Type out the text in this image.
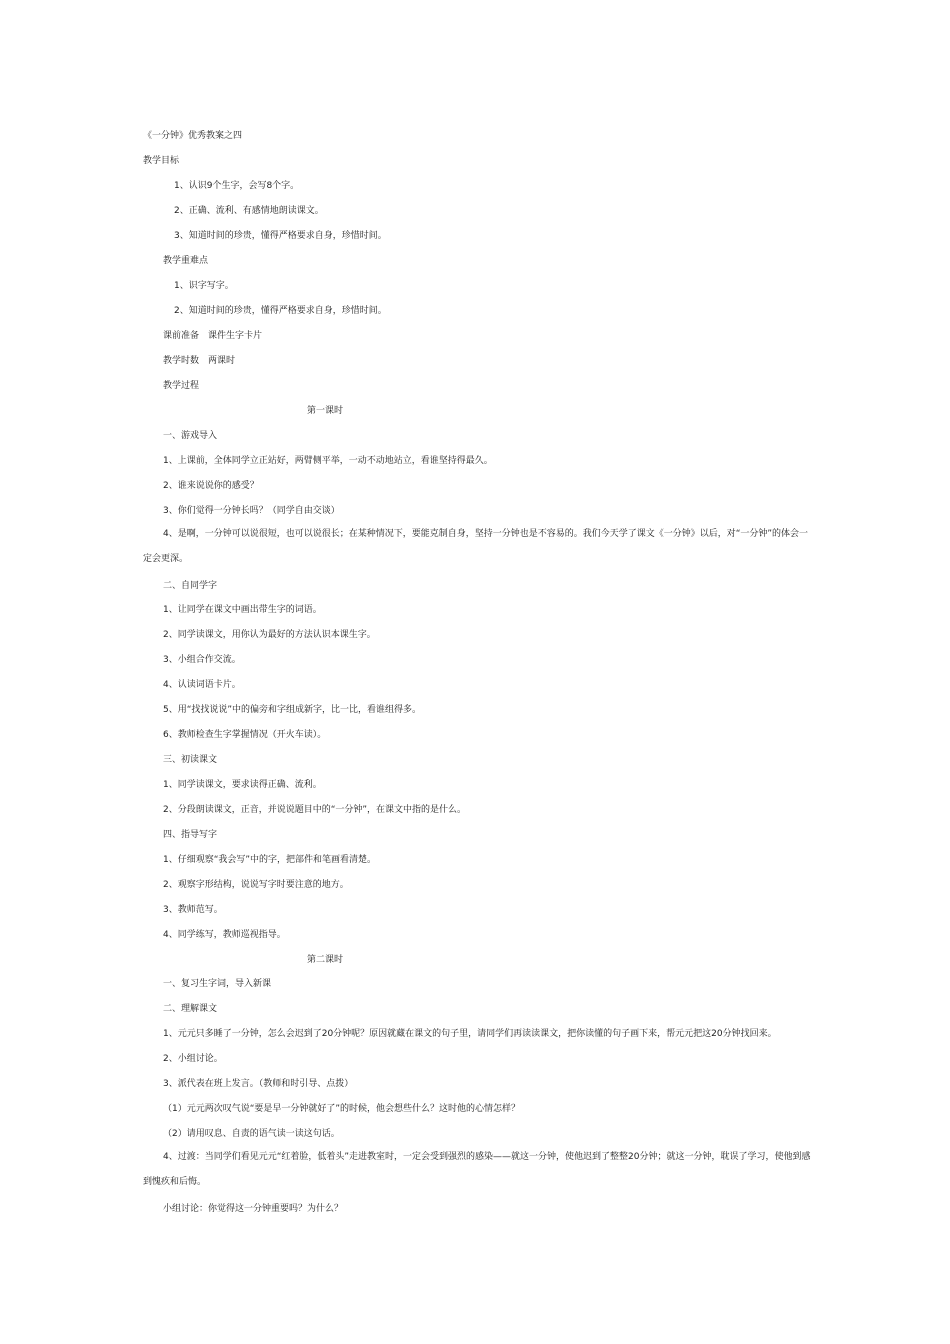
《一分钟》优秀教案之四
教学目标
1、认识9个生字，会写8个字。
2、正确、流利、有感情地朗读课文。
3、知道时间的珍贵，懂得严格要求自身，珍惜时间。
教学重难点
1、识字写字。
2、知道时间的珍贵，懂得严格要求自身，珍惜时间。
课前准备　课件生字卡片
教学时数　两课时
教学过程
第一课时
一、游戏导入
1、上课前，全体同学立正站好，两臂侧平举，一动不动地站立，看谁坚持得最久。
2、谁来说说你的感受？
3、你们觉得一分钟长吗？（同学自由交谈）
4、是啊，一分钟可以说很短，也可以说很长；在某种情况下，要能克制自身，坚持一分钟也是不容易的。我们今天学了课文《一分钟》以后，对“一分钟”的体会一定会更深。
二、自同学字
1、让同学在课文中画出带生字的词语。
2、同学读课文，用你认为最好的方法认识本课生字。
3、小组合作交流。
4、认读词语卡片。
5、用“找找说说”中的偏旁和字组成新字，比一比，看谁组得多。
6、教师检查生字掌握情况（开火车读）。
三、初读课文
1、同学读课文，要求读得正确、流利。
2、分段朗读课文，正音，并说说题目中的“一分钟”，在课文中指的是什么。
四、指导写字
1、仔细观察“我会写”中的字，把部件和笔画看清楚。
2、观察字形结构，说说写字时要注意的地方。
3、教师范写。
4、同学练写，教师巡视指导。
第二课时
一、复习生字词，导入新课
二、理解课文
1、元元只多睡了一分钟，怎么会迟到了20分钟呢？原因就藏在课文的句子里，请同学们再读读课文，把你读懂的句子画下来，帮元元把这20分钟找回来。
2、小组讨论。
3、派代表在班上发言。（教师和时引导、点拨）
（1）元元两次叹气说“要是早一分钟就好了”的时候，他会想些什么？这时他的心情怎样？
（2）请用叹息、自责的语气读一读这句话。
4、过渡：当同学们看见元元“红着脸，低着头”走进教室时，一定会受到强烈的感染——就这一分钟，使他迟到了整整20分钟；就这一分钟，耽误了学习，使他到感到愧疚和后悔。
小组讨论：你觉得这一分钟重要吗？为什么？
